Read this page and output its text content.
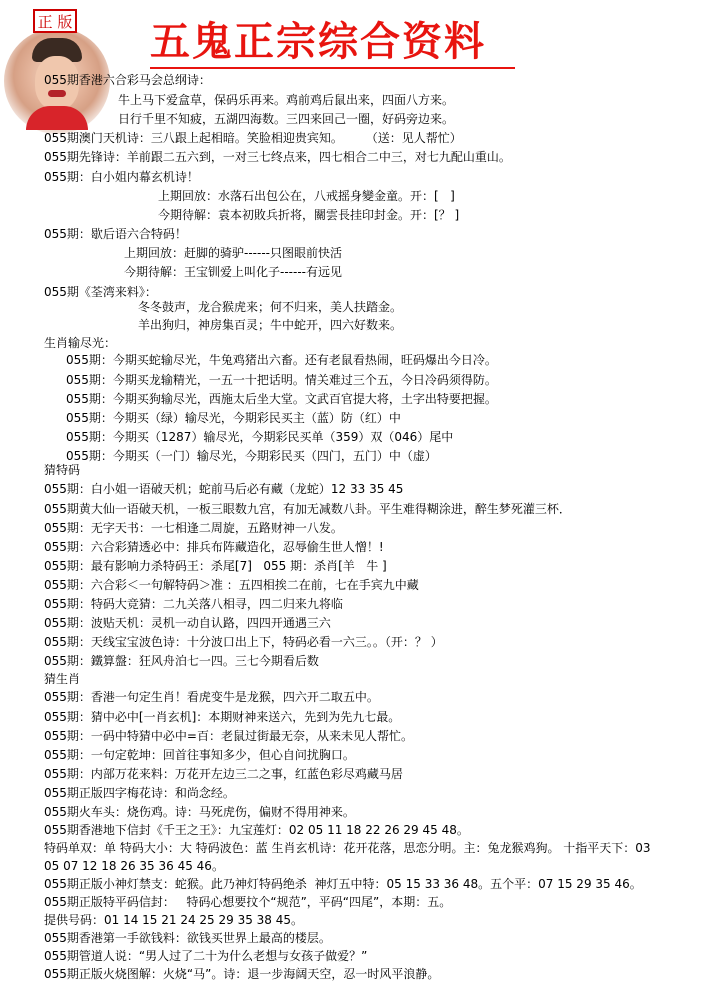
正 版 五鬼正宗综合资料
055期香港六合彩马会总纲诗：
牛上马下爱盒草，保码乐再来。鸡前鸡后鼠出来，四面八方来。
日行千里不知疲，五湖四海数。三四来回己一圈，好码旁边来。
055期澳门天机诗：三八跟上起相暗。笑脸相迎贵宾知。      （送：见人帮忙）
055期先锋诗：羊前跟二五六到，一对三七终点来，四七相合二中三，对七九配山重山。
055期：白小姐内幕玄机诗！
上期回放：水落石出包公在，八戒摇身變金童。开：[   ]
今期待解：袁本初敗兵折将，關雲長挂印封金。开：[？ ]
055期：歇后语六合特码！
上期回放：赶脚的骑驴------只图眼前快活
今期待解：王宝钏爱上叫化子------有远见
055期《荃湾来料》：
冬冬鼓声，龙合猴虎来；何不归来，美人扶踏金。
羊出狗归，神房集百灵；牛中蛇开，四六好数来。
生肖输尽光：
055期：今期买蛇输尽光，牛兔鸡猪出六畜。还有老鼠看热闹，旺码爆出今日冷。
055期：今期买龙输精光，一五一十把话明。情关难过三个五，今日冷码须得防。
055期：今期买狗输尽光，西施太后坐大堂。文武百官提大将，土字出特要把握。
055期：今期买（绿）输尽光，今期彩民买主（蓝）防（红）中
055期：今期买（1287）输尽光，今期彩民买单（359）双（046）尾中
055期：今期买（一门）输尽光，今期彩民买（四门，五门）中（虚）
猜特码
055期：白小姐一语破天机；蛇前马后必有藏（龙蛇）12 33 35 45
055期黄大仙一语破天机，一板三眼数九宫，有加无减数八卦。平生难得糊涂进，醉生梦死灌三杯．
055期：无字天书：一七相逢二周旋，五路财神一八发。
055期：六合彩猜透必中：排兵布阵藏造化，忍辱偷生世人憎！!
055期：最有影响力杀特码王：杀尾[7]   055 期：杀肖[羊   牛 ]
055期：六合彩＜一句解特码＞准 ：五四相挨二在前，七在手宾九中藏
055期：特码大竞猜：二九关落八相寻，四二归来九将临
055期：波贴天机：灵机一动自认路，四四开通遇三六
055期：天线宝宝波色诗：十分波口出上下，特码必看一六三。。（开：？ ）
055期：鐵算盤：狂风舟泊七一四。三七今期看后数
猜生肖
055期：香港一句定生肖！看虎变牛是龙猴，四六开二取五中。
055期：猜中必中[一肖玄机]：本期财神来送六，先到为先九七最。
055期：一码中特猜中必中=百：老鼠过街最无奈，从来未见人帮忙。
055期：一句定乾坤：回首往事知多少，但心自问扰胸口。
055期：内部万花来料：万花开左边三二之事，红蓝色彩尽鸡藏马居
055期正版四字梅花诗：和尚念经。
055期火车头：烧伤鸡。诗：马死虎伤，偏财不得用神来。
055期香港地下信封《千王之王》：九宝莲灯：02 05 11 18 22 26 29 45 48。
特码单双：单 特码大小：大 特码波色：蓝 生肖玄机诗：花开花落，思恋分明。主：兔龙猴鸡狗。 十指平天下：03
05 07 12 18 26 35 36 45 46。
055期正版小神灯禁支：蛇猴。此乃神灯特码绝杀  神灯五中特：05 15 33 36 48。五个平：07 15 29 35 46。
055期正版特平码信封：   特码心想要抆个“规范”，平码“四尾”，本期：五。
提供号码：01 14 15 21 24 25 29 35 38 45。
055期香港第一手欲钱料：欲钱买世界上最高的楼层。
055期管道人说：“男人过了二十为什么老想与女孩子做爱？”
055期正版火烧图解：火烧“马”。诗：退一步海阔天空，忍一时风平浪静。
